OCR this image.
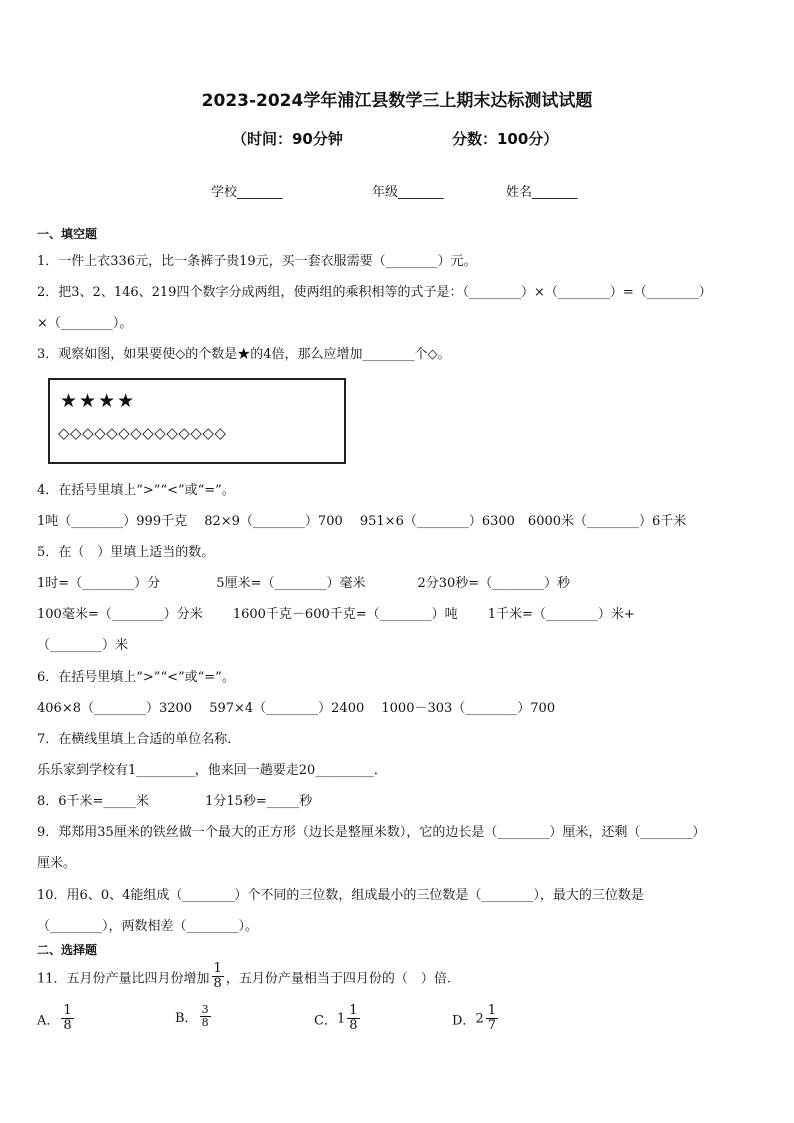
2023-2024学年浦江县数学三上期末达标测试试题
（时间：90分钟	分数：100分）
学校_______	年级_______	姓名_______
一、填空题
1．一件上衣336元，比一条裤子贵19元，买一套衣服需要（________）元。
2．把3、2、146、219四个数字分成两组，使两组的乘积相等的式子是：（________）×（________）=（________）
×（________）。
3．观察如图，如果要使◇的个数是★的4倍，那么应增加________个◇。
★★★★
◇◇◇◇◇◇◇◇◇◇◇◇◇◇
4．在括号里填上“>”“<”或“=”。
1吨（________）999千克　 82×9（________）700　 951×6（________）6300　6000米（________）6千米
5．在（　）里填上适当的数。
1时=（________）分　　　　 5厘米=（________）毫米　　　　2分30秒=（________）秒
100毫米=（________）分米　　 1600千克－600千克=（________）吨　　 1千米=（________）米+
（________）米
6．在括号里填上“>”“<”或“=”。
406×8（________）3200　 597×4（________）2400　 1000－303（________）700
7．在横线里填上合适的单位名称．
乐乐家到学校有1_________，他来回一趟要走20_________．
8．6千米=_____米　　　　 1分15秒=_____秒
9．郑郑用35厘米的铁丝做一个最大的正方形（边长是整厘米数），它的边长是（________）厘米，还剩（________）
厘米。
10．用6、0、4能组成（________）个不同的三位数，组成最小的三位数是（________），最大的三位数是
（________），两数相差（________）。
二、选择题
11．五月份产量比四月份增加 $\frac{1}{8}$ ，五月份产量相当于四月份的（　）倍.
A． $\frac{1}{8}$	B． $\frac{3}{8}$	C．$1 \frac{1}{8}$	D．$2 \frac{1}{7}$
